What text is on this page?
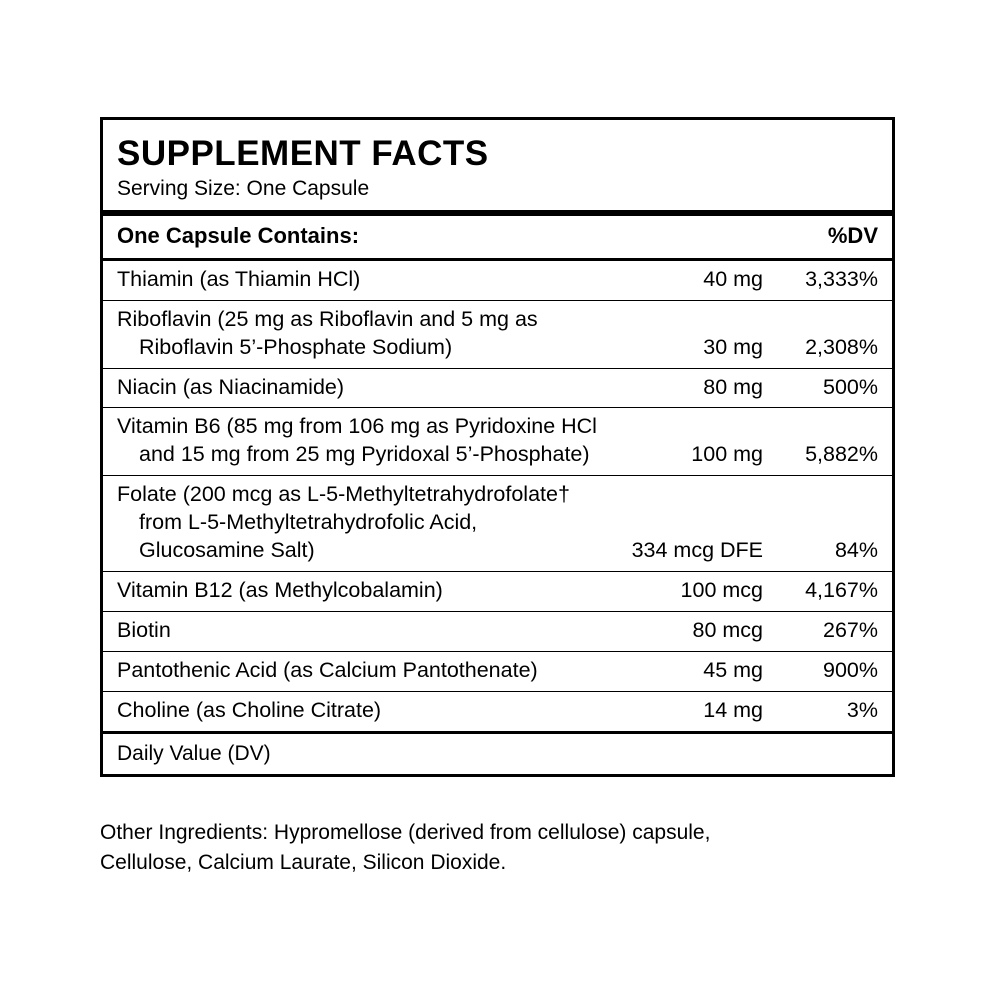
SUPPLEMENT FACTS
Serving Size: One Capsule
One Capsule Contains:	%DV
Thiamin (as Thiamin HCl)	40 mg	3,333%
Riboflavin (25 mg as Riboflavin and 5 mg as
Riboflavin 5’-Phosphate Sodium)	30 mg	2,308%
Niacin (as Niacinamide)	80 mg	500%
Vitamin B6 (85 mg from 106 mg as Pyridoxine HCl
and 15 mg from 25 mg Pyridoxal 5’-Phosphate)	100 mg	5,882%
Folate (200 mcg as L-5-Methyltetrahydrofolate†
from L-5-Methyltetrahydrofolic Acid,
Glucosamine Salt)	334 mcg DFE	84%
Vitamin B12 (as Methylcobalamin)	100 mcg	4,167%
Biotin	80 mcg	267%
Pantothenic Acid (as Calcium Pantothenate)	45 mg	900%
Choline (as Choline Citrate)	14 mg	3%
Daily Value (DV)
Other Ingredients: Hypromellose (derived from cellulose) capsule,
Cellulose, Calcium Laurate, Silicon Dioxide.
